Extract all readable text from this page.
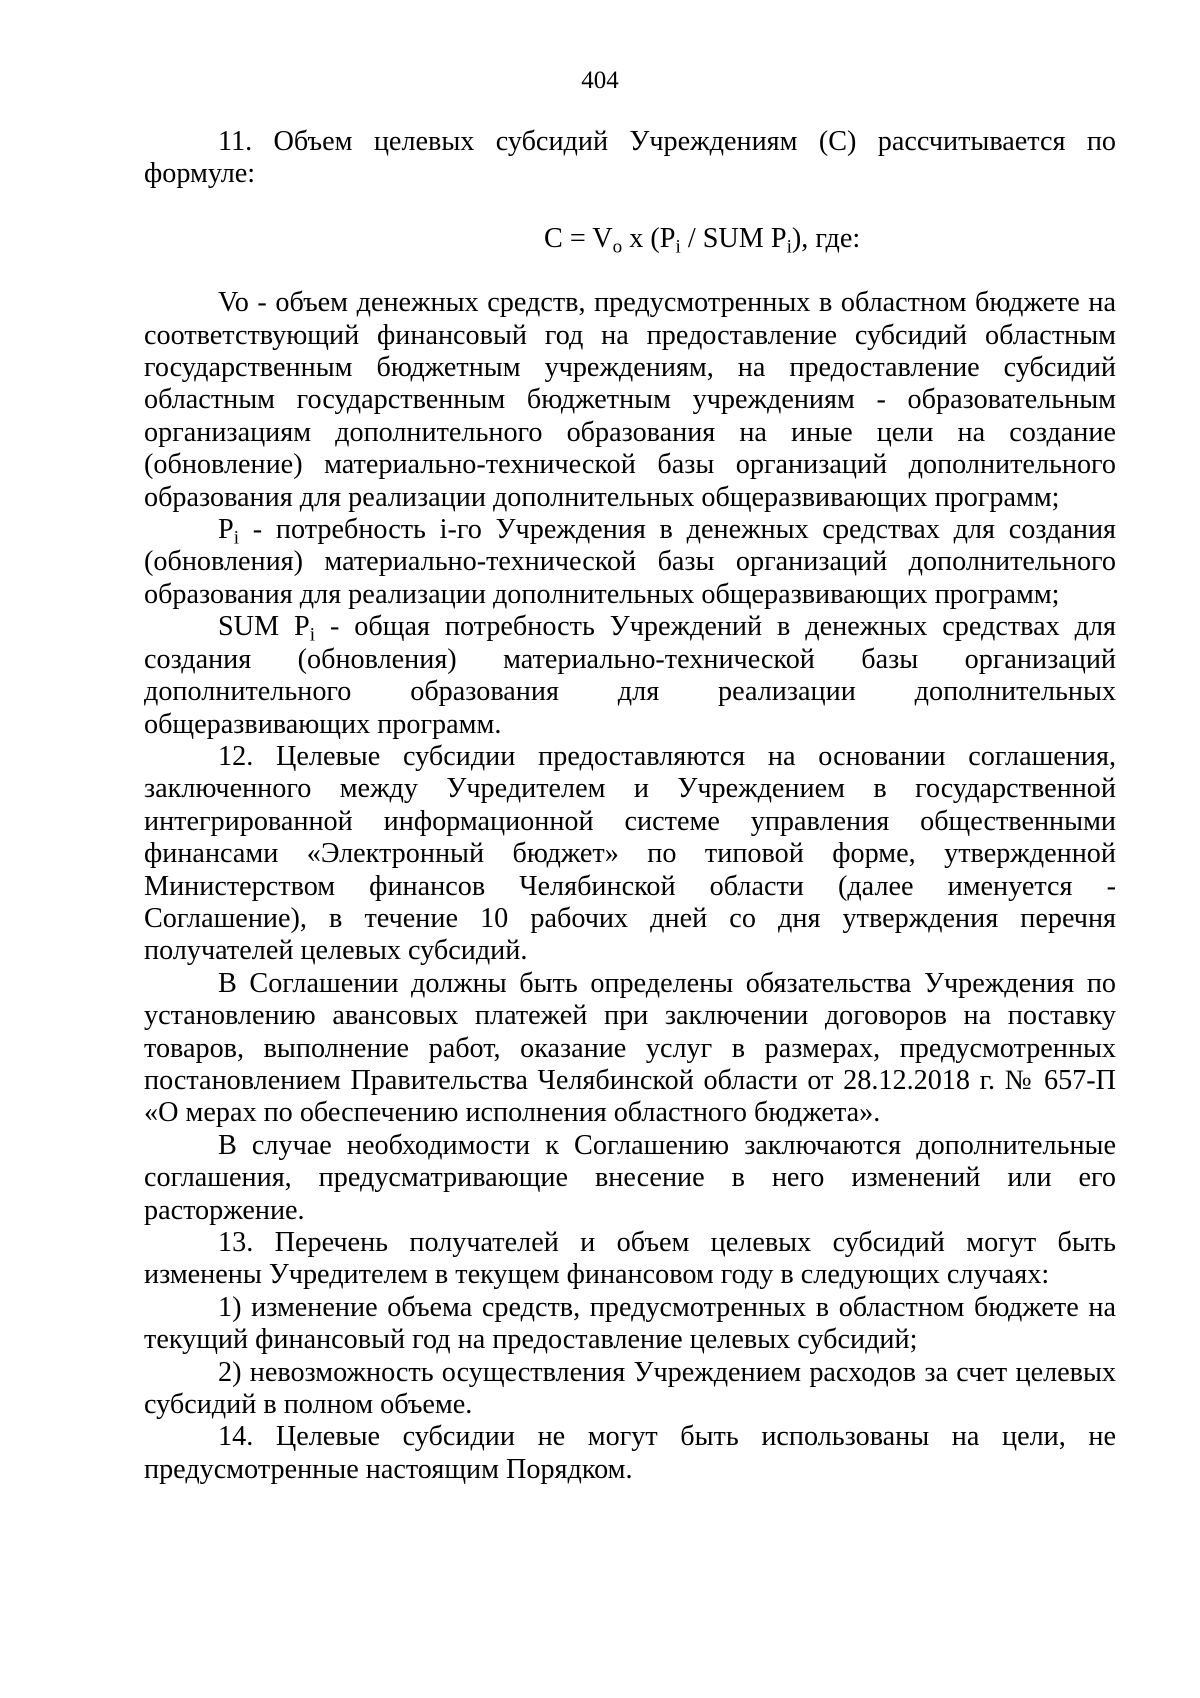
404

11. Объем целевых субсидий Учреждениям (C) рассчитывается по формуле:

$C = V_o$ x ($P_i$ / SUM $P_i$), где:

Vo - объем денежных средств, предусмотренных в областном бюджете на соответствующий финансовый год на предоставление субсидий областным государственным бюджетным учреждениям, на предоставление субсидий областным государственным бюджетным учреждениям - образовательным организациям дополнительного образования на иные цели на создание (обновление) материально-технической базы организаций дополнительного образования для реализации дополнительных общеразвивающих программ;

$P_i$ - потребность i-го Учреждения в денежных средствах для создания (обновления) материально-технической базы организаций дополнительного образования для реализации дополнительных общеразвивающих программ;

SUM $P_i$ - общая потребность Учреждений в денежных средствах для создания (обновления) материально-технической базы организаций дополнительного образования для реализации дополнительных общеразвивающих программ.

12. Целевые субсидии предоставляются на основании соглашения, заключенного между Учредителем и Учреждением в государственной интегрированной информационной системе управления общественными финансами «Электронный бюджет» по типовой форме, утвержденной Министерством финансов Челябинской области (далее именуется - Соглашение), в течение 10 рабочих дней со дня утверждения перечня получателей целевых субсидий.

В Соглашении должны быть определены обязательства Учреждения по установлению авансовых платежей при заключении договоров на поставку товаров, выполнение работ, оказание услуг в размерах, предусмотренных постановлением Правительства Челябинской области от 28.12.2018 г. № 657-П «О мерах по обеспечению исполнения областного бюджета».

В случае необходимости к Соглашению заключаются дополнительные соглашения, предусматривающие внесение в него изменений или его расторжение.

13. Перечень получателей и объем целевых субсидий могут быть изменены Учредителем в текущем финансовом году в следующих случаях:

1) изменение объема средств, предусмотренных в областном бюджете на текущий финансовый год на предоставление целевых субсидий;

2) невозможность осуществления Учреждением расходов за счет целевых субсидий в полном объеме.

14. Целевые субсидии не могут быть использованы на цели, не предусмотренные настоящим Порядком.
